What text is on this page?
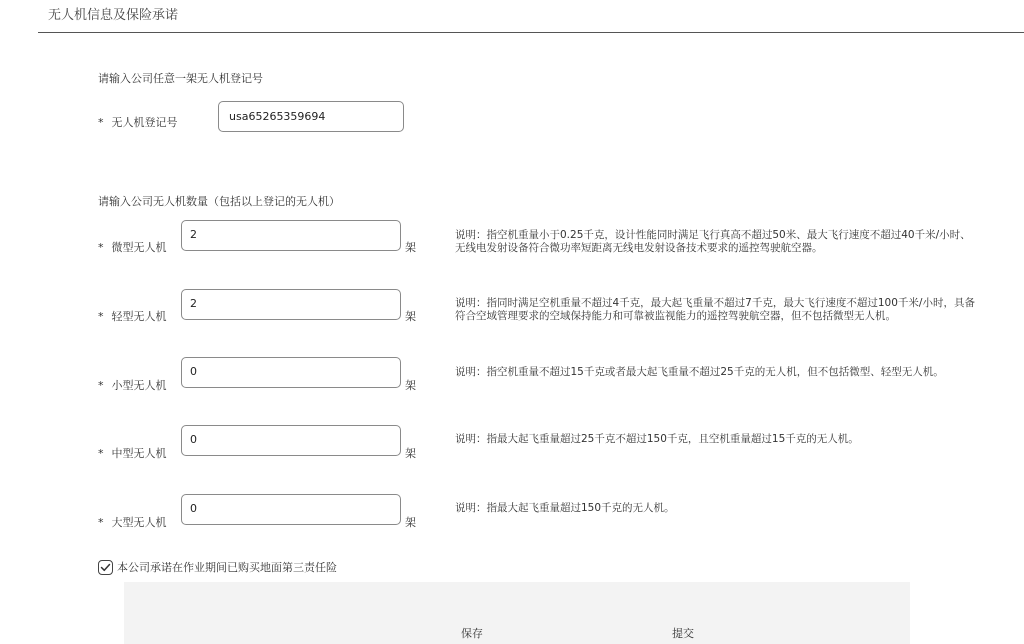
无人机信息及保险承诺
请输入公司任意一架无人机登记号
* 无人机登记号	usa65265359694
请输入公司无人机数量（包括以上登记的无人机）
* 微型无人机
2
架
说明：指空机重量小于0.25千克，设计性能同时满足飞行真高不超过50米、最大飞行速度不超过40千米/小时、无线电发射设备符合微功率短距离无线电发射设备技术要求的遥控驾驶航空器。
* 轻型无人机
2
架
说明：指同时满足空机重量不超过4千克，最大起飞重量不超过7千克，最大飞行速度不超过100千米/小时，具备符合空域管理要求的空域保持能力和可靠被监视能力的遥控驾驶航空器，但不包括微型无人机。
* 小型无人机
0
架
说明：指空机重量不超过15千克或者最大起飞重量不超过25千克的无人机，但不包括微型、轻型无人机。
* 中型无人机
0
架
说明：指最大起飞重量超过25千克不超过150千克，且空机重量超过15千克的无人机。
* 大型无人机
0
架
说明：指最大起飞重量超过150千克的无人机。
本公司承诺在作业期间已购买地面第三责任险
保存	提交
